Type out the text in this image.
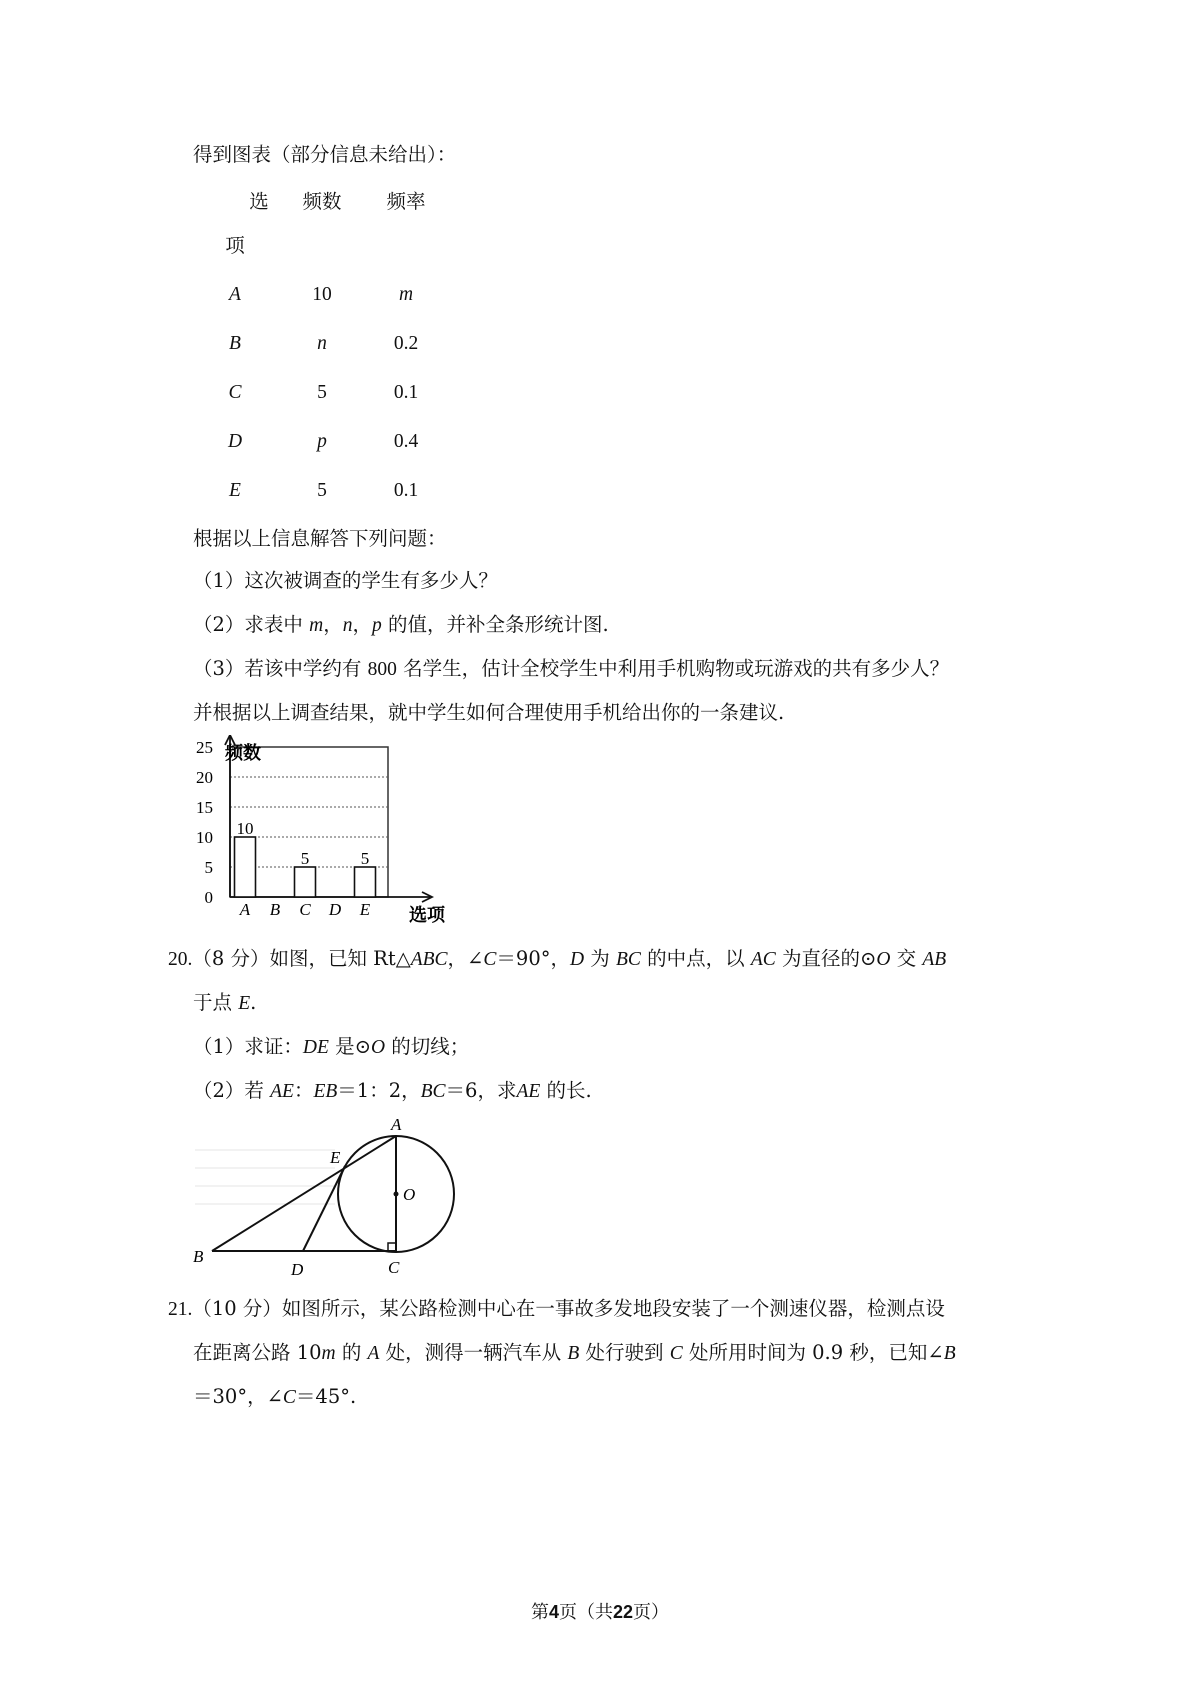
得到图表（部分信息未给出）：
选 频数 频率
项
A	10	m
B	n	0.2
C	5	0.1
D	p	0.4
E	5	0.1
根据以上信息解答下列问题：
（1）这次被调查的学生有多少人？
（2）求表中 m，n，p 的值，并补全条形统计图.
（3）若该中学约有 800 名学生，估计全校学生中利用手机购物或玩游戏的共有多少人？
并根据以上调查结果，就中学生如何合理使用手机给出你的一条建议.
0
5
10
15
20
25 频数
选项
A
10
B C
5
D E
5
20.（8 分）如图，已知 Rt△ABC，∠C＝90°，D 为 BC 的中点，以 AC 为直径的⊙O 交 AB
于点 E.
（1）求证：DE 是⊙O 的切线；
（2）若 AE：EB＝1：2，BC＝6，求AE 的长.
A
E
O
B
D	C
21.（10 分）如图所示，某公路检测中心在一事故多发地段安装了一个测速仪器，检测点设
在距离公路 10m 的 A 处，测得一辆汽车从 B 处行驶到 C 处所用时间为 0.9 秒，已知∠B
＝30°，∠C＝45°.
第4页（共22页）
